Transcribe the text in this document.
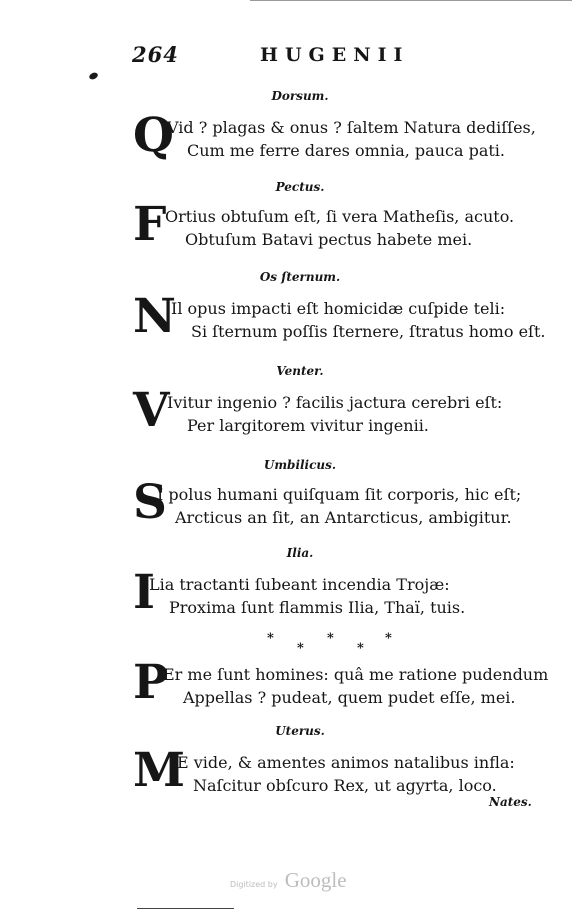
264	HUGENII
Dorsum.
Q
Vid ? plagas & onus ? ſaltem Natura dediſſes,
Cum me ferre dares omnia, pauca pati.
Pectus.
F
Ortius obtuſum eſt, ſi vera Matheſis, acuto.
Obtuſum Batavi pectus habete mei.
Os ſternum.
N
Il opus impacti eſt homicidæ cuſpide teli:
Si ſternum poſſis ſternere, ſtratus homo eſt.
Venter.
V
Ivitur ingenio ? facilis jactura cerebri eſt:
Per largitorem vivitur ingenii.
Umbilicus.
S
I polus humani quiſquam ſit corporis, hic eſt;
Arcticus an ſit, an Antarcticus, ambigitur.
Ilia.
I
Lia tractanti ſubeant incendia Trojæ:
Proxima ſunt flammis Ilia, Thaï, tuis.
*
*
*
*
*
P
Er me ſunt homines: quâ me ratione pudendum
Appellas ? pudeat, quem pudet eſſe, mei.
Uterus.
M
E vide, & amentes animos natalibus infla:
Naſcitur obſcuro Rex, ut agyrta, loco.
Nates.
Digitized by Google
